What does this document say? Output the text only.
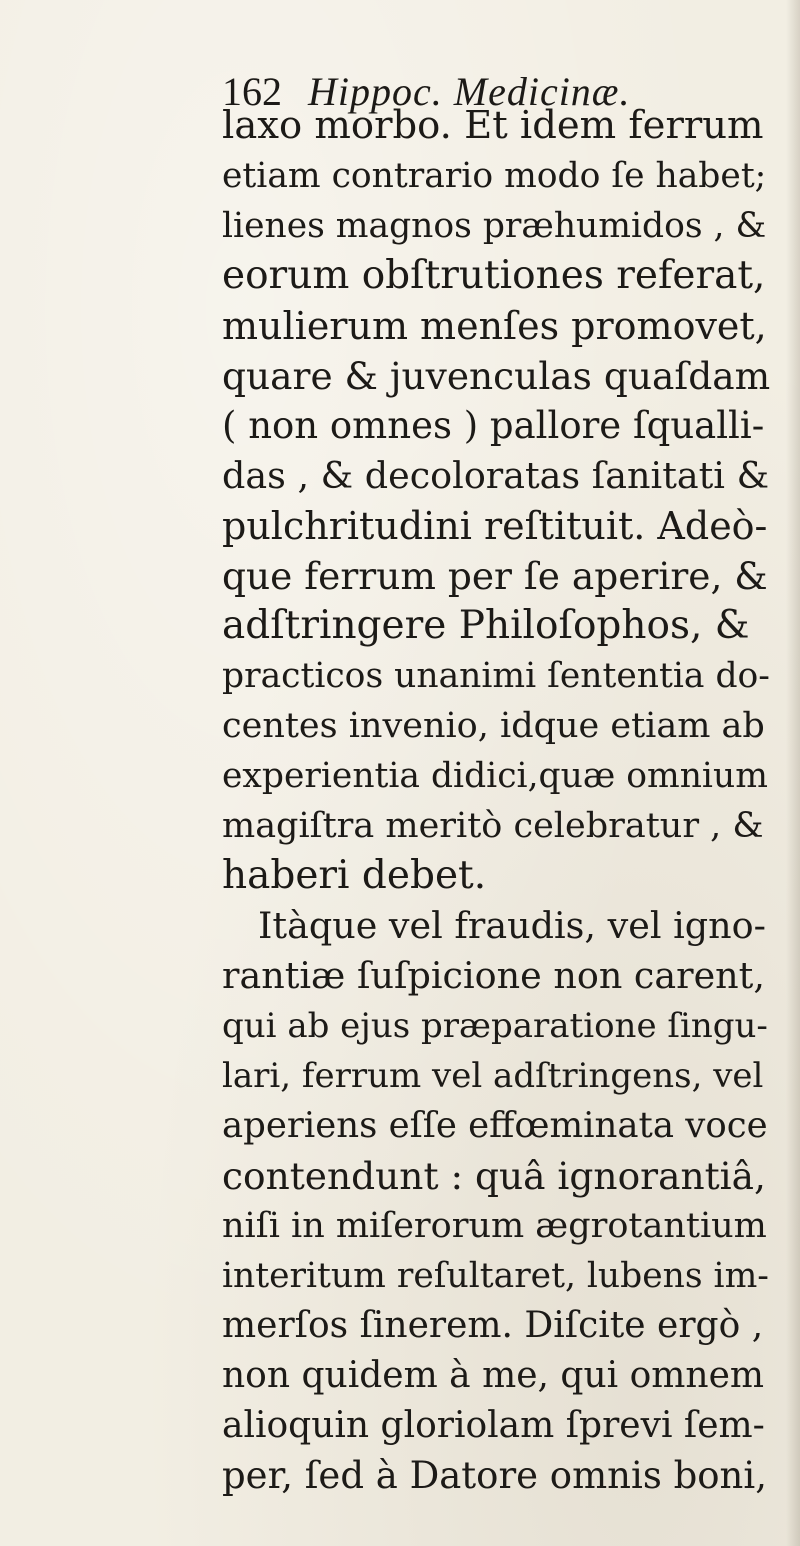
162 Hippoc. Medicinæ.
laxo morbo. Et idem ferrum
etiam contrario modo ſe habet;
lienes magnos præhumidos , &
eorum obſtrutiones referat,
mulierum menſes promovet,
quare & juvenculas quaſdam
( non omnes ) pallore ſqualli-
das , & decoloratas ſanitati &
pulchritudini reſtituit. Adeò-
que ferrum per ſe aperire, &
adſtringere Philoſophos, &
practicos unanimi ſententia do-
centes invenio, idque etiam ab
experientia didici,quæ omnium
magiſtra meritò celebratur , &
haberi debet.
Itàque vel fraudis, vel igno-
rantiæ ſuſpicione non carent,
qui ab ejus præparatione ſingu-
lari, ferrum vel adſtringens, vel
aperiens eſſe effœminata voce
contendunt : quâ ignorantiâ,
niſi in miſerorum ægrotantium
interitum reſultaret, lubens im-
merſos ſinerem. Diſcite ergò ,
non quidem à me, qui omnem
alioquin gloriolam ſprevi ſem-
per, ſed à Datore omnis boni,
